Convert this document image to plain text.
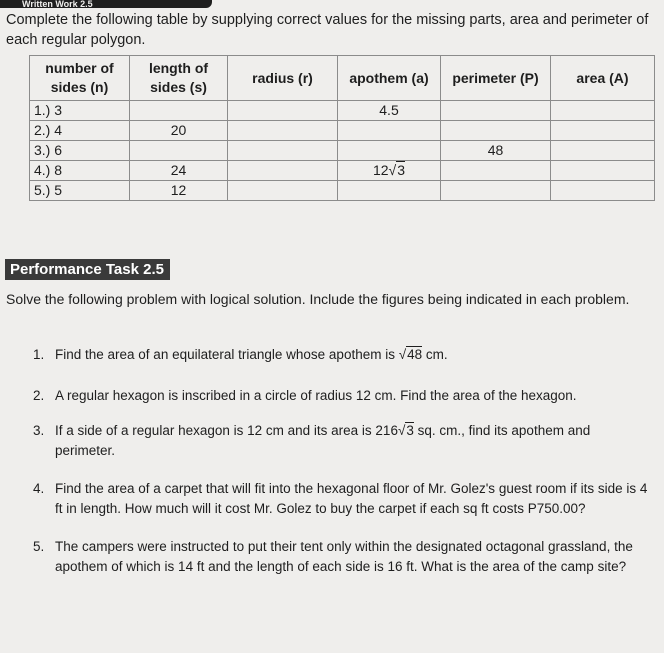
Written Work 2.5
Complete the following table by supplying correct values for the missing parts, area and perimeter of each regular polygon.
number of sides (n)	length of sides (s)	radius (r)	apothem (a)	perimeter (P)	area (A)
1.) 3			4.5		
2.) 4	20				
3.) 6				48	
4.) 8	24		12√3		
5.) 5	12				
Performance Task 2.5
Solve the following problem with logical solution. Include the figures being indicated in each problem.
1. Find the area of an equilateral triangle whose apothem is √48 cm.
2. A regular hexagon is inscribed in a circle of radius 12 cm. Find the area of the hexagon.
3. If a side of a regular hexagon is 12 cm and its area is 216√3 sq. cm., find its apothem and perimeter.
4. Find the area of a carpet that will fit into the hexagonal floor of Mr. Golez's guest room if its side is 4 ft in length. How much will it cost Mr. Golez to buy the carpet if each sq ft costs P750.00?
5. The campers were instructed to put their tent only within the designated octagonal grassland, the apothem of which is 14 ft and the length of each side is 16 ft. What is the area of the camp site?
